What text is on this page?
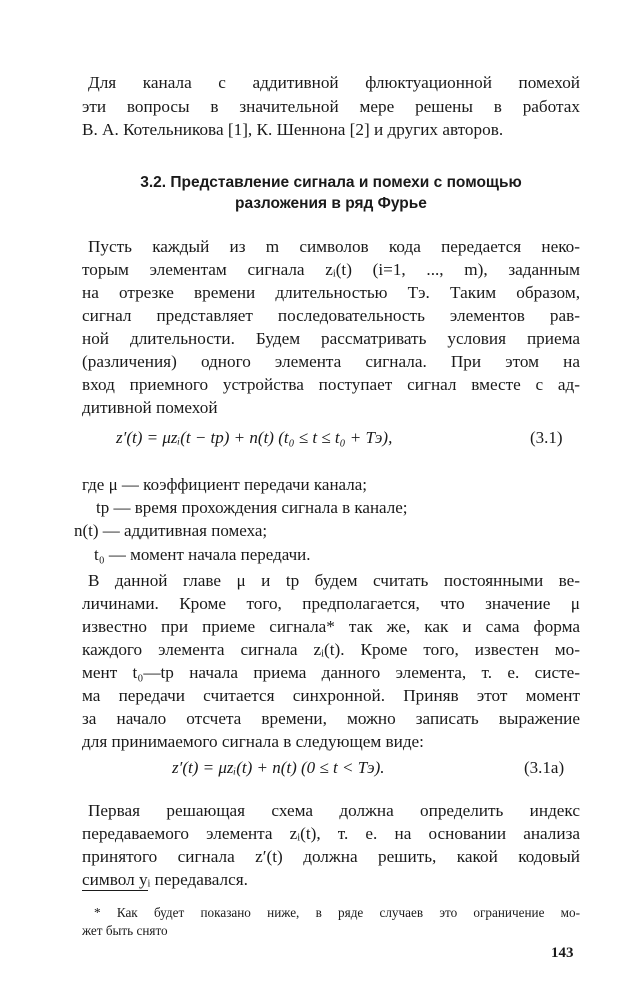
Для канала с аддитивной флюктуационной помехой
эти вопросы в значительной мере решены в работах
В. А. Котельникова [1], К. Шеннона [2] и других авторов.
3.2. Представление сигнала и помехи с помощью
разложения в ряд Фурье
Пусть каждый из m символов кода передается неко-
торым элементам сигнала zᵢ(t) (i=1, ..., m), заданным
на отрезке времени длительностью Tэ. Таким образом,
сигнал представляет последовательность элементов рав-
ной длительности. Будем рассматривать условия приема
(различения) одного элемента сигнала. При этом на
вход приемного устройства поступает сигнал вместе с ад-
дитивной помехой
z′(t) = μzᵢ(t − tр) + n(t) (t₀ ≤ t ≤ t₀ + Tэ),	(3.1)
где μ — коэффициент передачи канала;
tр — время прохождения сигнала в канале;
n(t) — аддитивная помеха;
t₀ — момент начала передачи.
В данной главе μ и tр будем считать постоянными ве-
личинами. Кроме того, предполагается, что значение μ
известно при приеме сигнала* так же, как и сама форма
каждого элемента сигнала zᵢ(t). Кроме того, известен мо-
мент t₀—tр начала приема данного элемента, т. е. систе-
ма передачи считается синхронной. Приняв этот момент
за начало отсчета времени, можно записать выражение
для принимаемого сигнала в следующем виде:
z′(t) = μzᵢ(t) + n(t) (0 ≤ t < Tэ).	(3.1а)
Первая решающая схема должна определить индекс
передаваемого элемента zᵢ(t), т. е. на основании анализа
принятого сигнала z′(t) должна решить, какой кодовый
символ yᵢ передавался.
* Как будет показано ниже, в ряде случаев это ограничение мо-
жет быть снято
143
